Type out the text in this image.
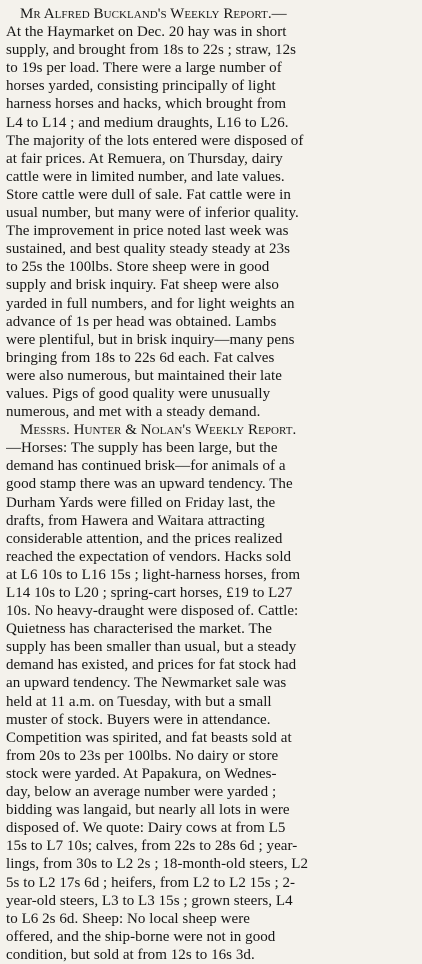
Mr Alfred Buckland's Weekly Report.—
At the Haymarket on Dec. 20 hay was in short
supply, and brought from 18s to 22s ; straw, 12s
to 19s per load. There were a large number of
horses yarded, consisting principally of light
harness horses and hacks, which brought from
L4 to L14 ; and medium draughts, L16 to L26.
The majority of the lots entered were disposed of
at fair prices. At Remuera, on Thursday, dairy
cattle were in limited number, and late values.
Store cattle were dull of sale. Fat cattle were in
usual number, but many were of inferior quality.
The improvement in price noted last week was
sustained, and best quality steady steady at 23s
to 25s the 100lbs. Store sheep were in good
supply and brisk inquiry. Fat sheep were also
yarded in full numbers, and for light weights an
advance of 1s per head was obtained. Lambs
were plentiful, but in brisk inquiry—many pens
bringing from 18s to 22s 6d each. Fat calves
were also numerous, but maintained their late
values. Pigs of good quality were unusually
numerous, and met with a steady demand.
Messrs. Hunter & Nolan's Weekly Report.
—Horses: The supply has been large, but the
demand has continued brisk—for animals of a
good stamp there was an upward tendency. The
Durham Yards were filled on Friday last, the
drafts, from Hawera and Waitara attracting
considerable attention, and the prices realized
reached the expectation of vendors. Hacks sold
at L6 10s to L16 15s ; light-harness horses, from
L14 10s to L20 ; spring-cart horses, £19 to L27
10s. No heavy-draught were disposed of. Cattle:
Quietness has characterised the market. The
supply has been smaller than usual, but a steady
demand has existed, and prices for fat stock had
an upward tendency. The Newmarket sale was
held at 11 a.m. on Tuesday, with but a small
muster of stock. Buyers were in attendance.
Competition was spirited, and fat beasts sold at
from 20s to 23s per 100lbs. No dairy or store
stock were yarded. At Papakura, on Wednes-
day, below an average number were yarded ;
bidding was langaid, but nearly all lots in were
disposed of. We quote: Dairy cows at from L5
15s to L7 10s; calves, from 22s to 28s 6d ; year-
lings, from 30s to L2 2s ; 18-month-old steers, L2
5s to L2 17s 6d ; heifers, from L2 to L2 15s ; 2-
year-old steers, L3 to L3 15s ; grown steers, L4
to L6 2s 6d. Sheep: No local sheep were
offered, and the ship-borne were not in good
condition, but sold at from 12s to 16s 3d.
